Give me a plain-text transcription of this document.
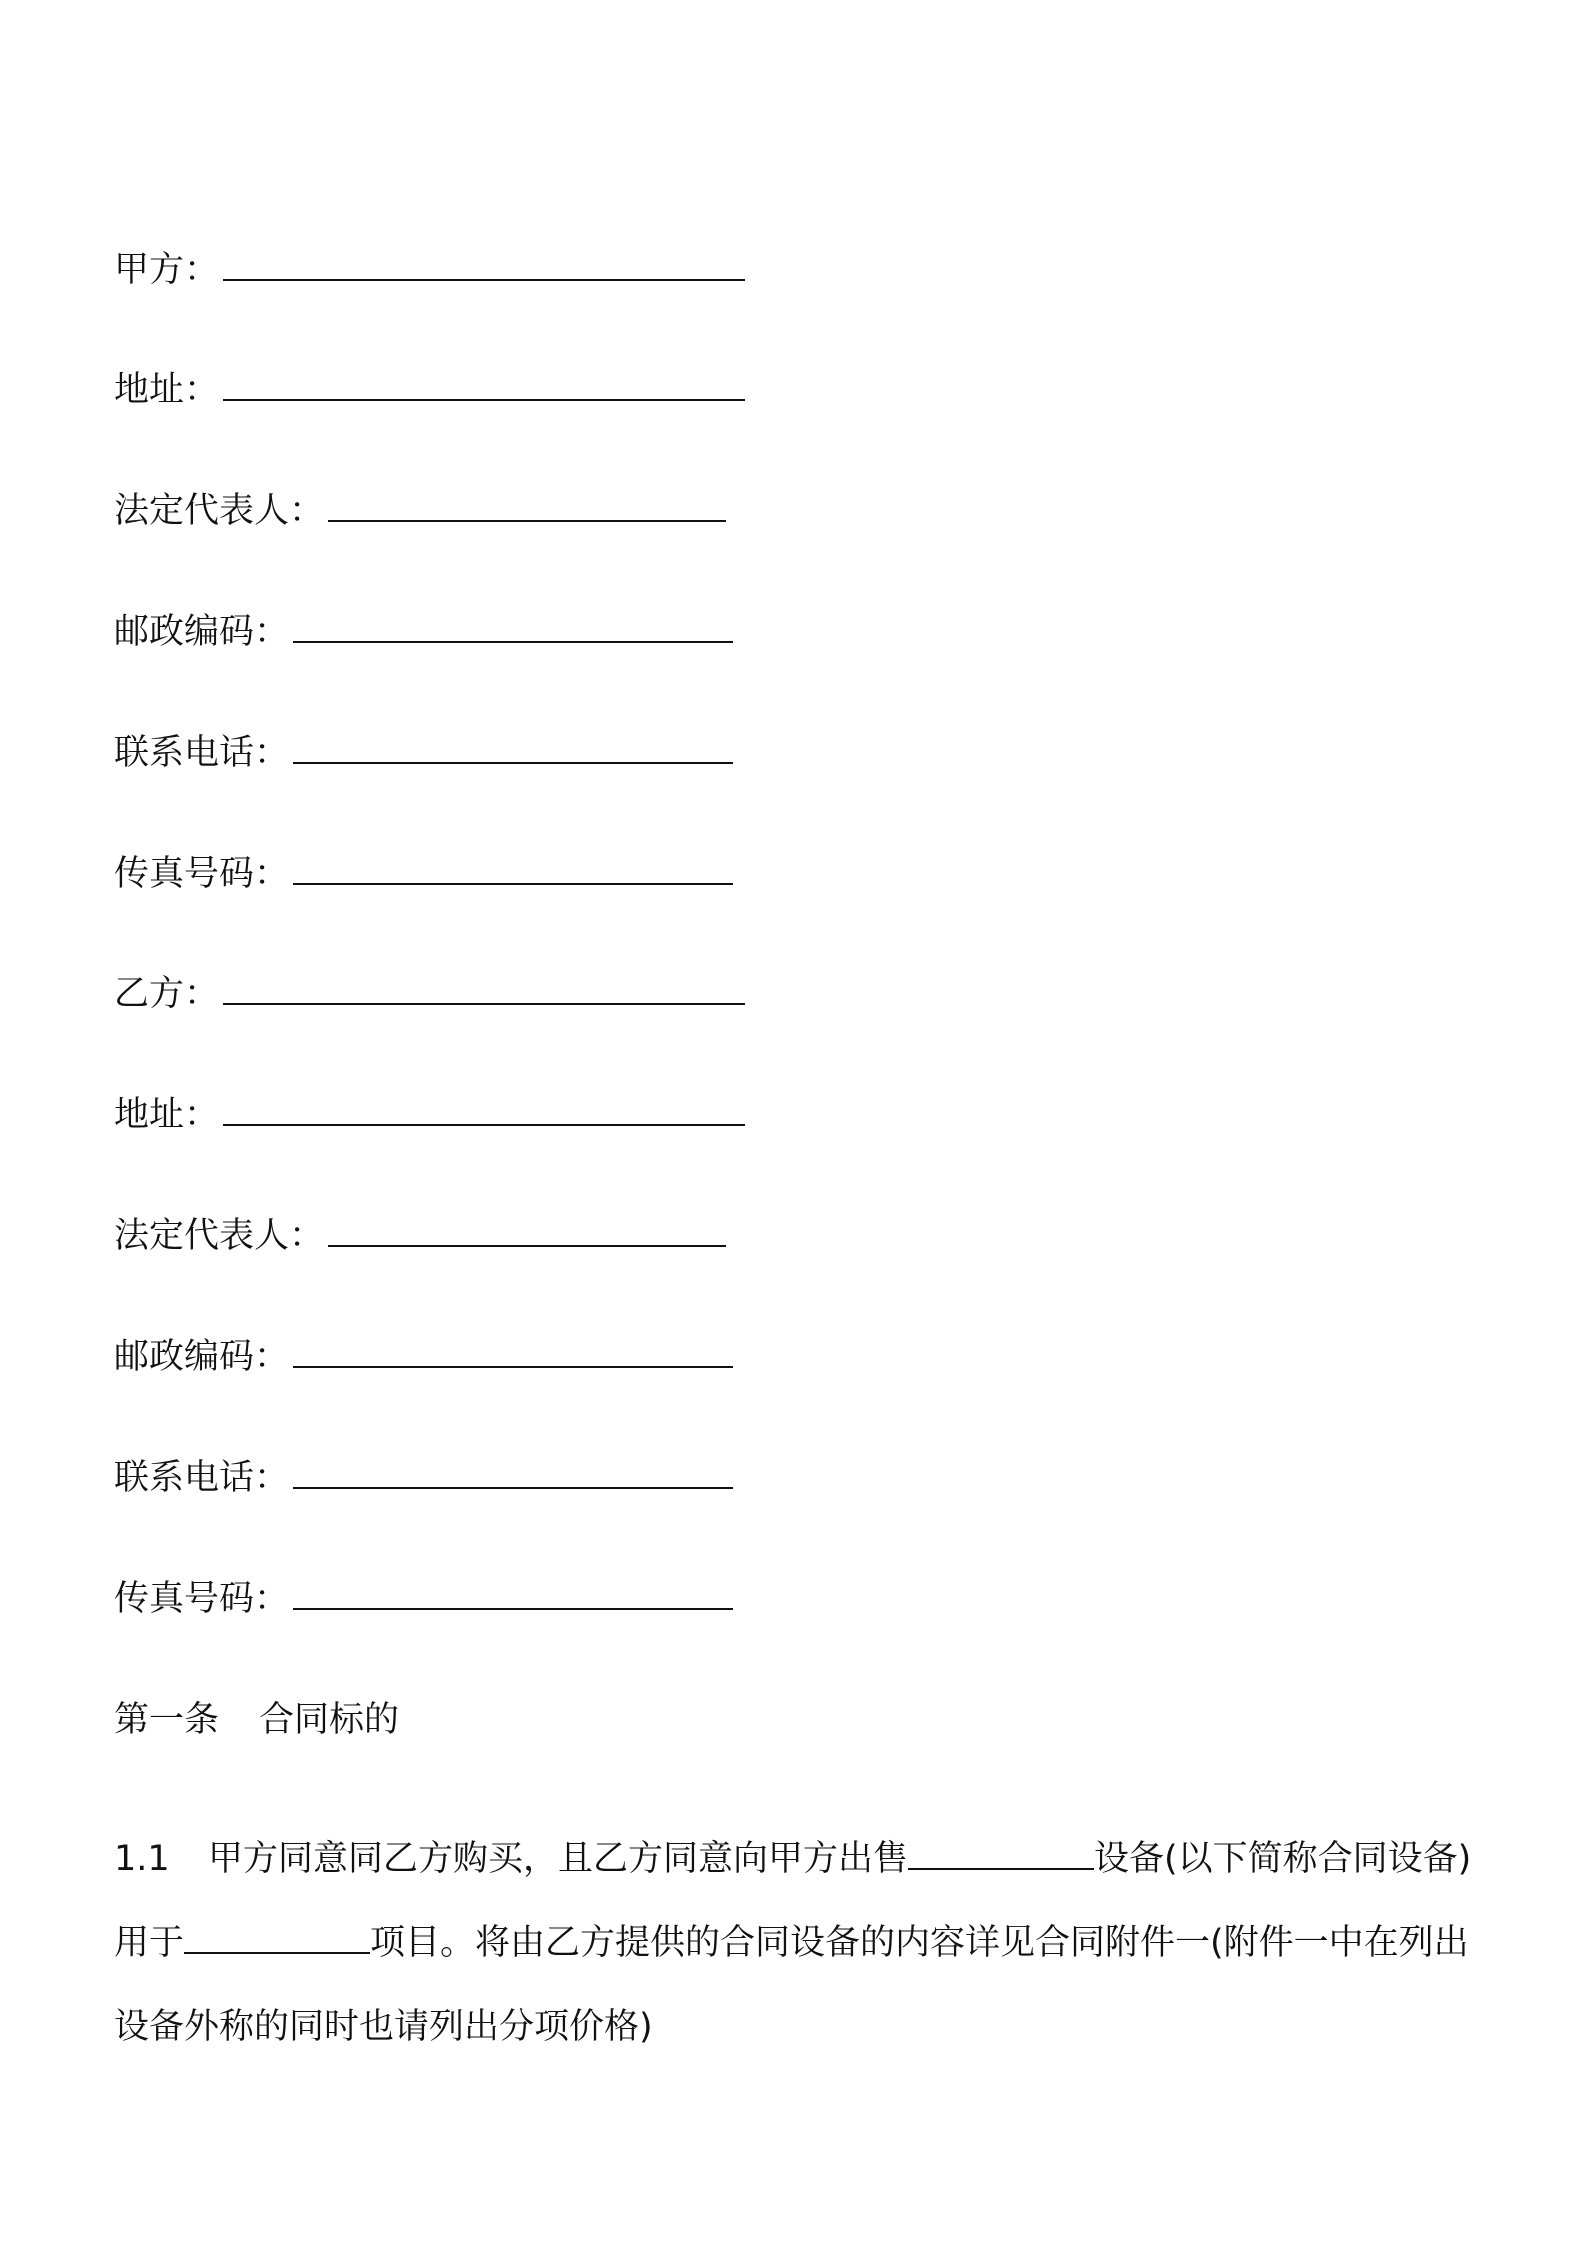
甲方：
地址：
法定代表人：
邮政编码：
联系电话：
传真号码：
乙方：
地址：
法定代表人：
邮政编码：
联系电话：
传真号码：
第一条 合同标的
1.1 甲方同意同乙方购买，且乙方同意向甲方出售	设备(以下简称合同设备)用于	项目。将由乙方提供的合同设备的内容详见合同附件一(附件一中在列出设备外称的同时也请列出分项价格)
